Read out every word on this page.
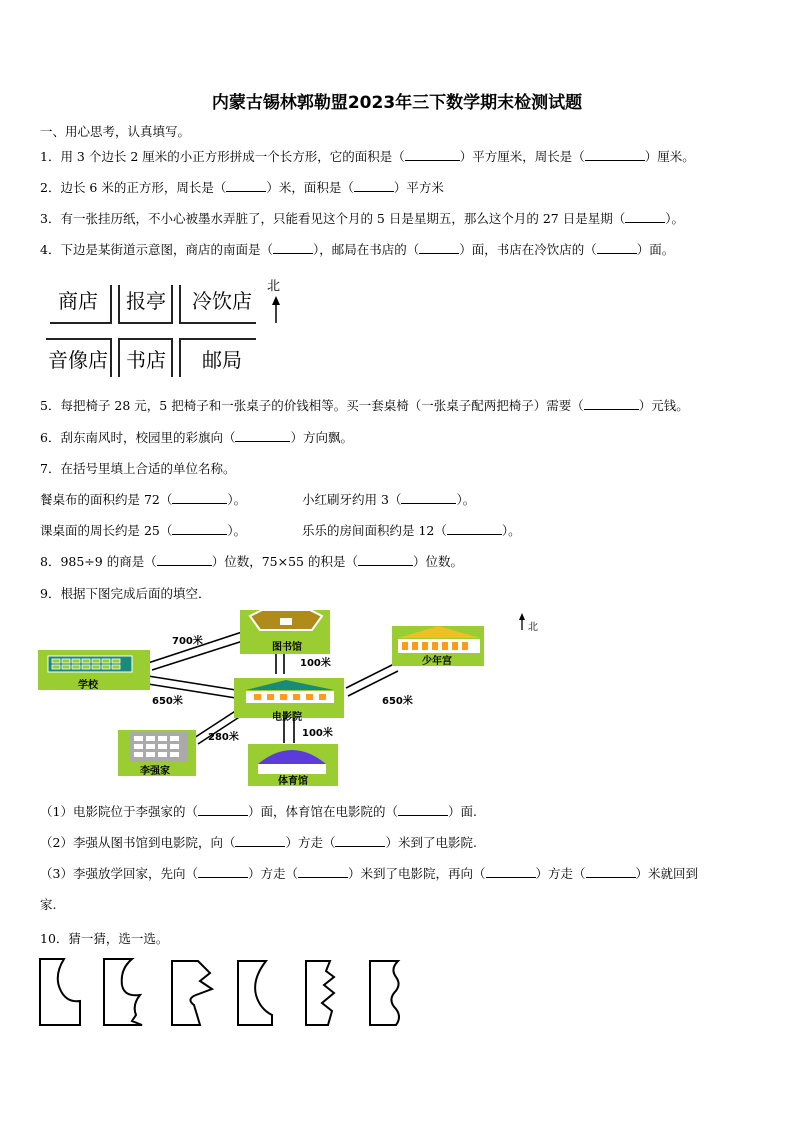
内蒙古锡林郭勒盟2023年三下数学期末检测试题
一、用心思考，认真填写。
1．用 3 个边长 2 厘米的小正方形拼成一个长方形，它的面积是（	）平方厘米，周长是（	）厘米。
2．边长 6 米的正方形，周长是（	）米，面积是（	）平方米
3．有一张挂历纸，不小心被墨水弄脏了，只能看见这个月的 5 日是星期五，那么这个月的 27 日是星期（	）。
4．下边是某街道示意图，商店的南面是（	），邮局在书店的（	）面，书店在冷饮店的（	）面。
商店 报亭 冷饮店
音像店 书店 邮局
北
5．每把椅子 28 元，5 把椅子和一张桌子的价钱相等。买一套桌椅（一张桌子配两把椅子）需要（	）元钱。
6．刮东南风时，校园里的彩旗向（	）方向飘。
7．在括号里填上合适的单位名称。
餐桌布的面积约是 72（	）。	小红刷牙约用 3（	）。
课桌面的周长约是 25（	）。	乐乐的房间面积约是 12（	）。
8．985÷9 的商是（	）位数，75×55 的积是（	）位数。
9．根据下图完成后面的填空．
图书馆
学校
少年宫
电影院
李强家
体育馆
700米
100米
650米	650米
280米	100米
北
（1）电影院位于李强家的（	）面，体育馆在电影院的（	）面.
（2）李强从图书馆到电影院，向（	）方走（	）米到了电影院.
（3）李强放学回家，先向（	）方走（	）米到了电影院，再向（	）方走（	）米就回到
家.
10．猜一猜，选一选。
